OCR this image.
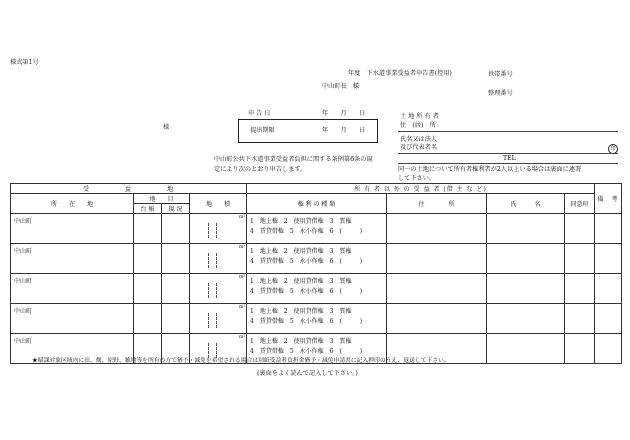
様式第1号
年度　下水道事業受益者申告書(控用)	世帯番号
整理番号
中山町長　様
様
申 告 日	年　　月　　日
提出期限	年　　月　　日
土 地 所 有 者
住　(居)　所
氏名又は法人
及び代表者名	印
TEL
中山町公共下水道事業受益者負担に関する条例第6条の規
定により次のとおり申告します。	同一の土地について所有者権利者が2人以上いる場合は裏面に連署
して下さい。
受　　　　　益　　　　　地				所 有 者 以 外 の 受 益 者 (借 主 な ど)				備　考
所　　在　　地	地　　目		地　　積	権 利 の 種 類	住　　　　所	氏　　　名	同意印	
	台 帳	現 況						
中山町			m²	1　地上権　2　使用貸借権　3　質権
4　賃貸借権　5　永小作権　6　(　　　)				
中山町			m²	1　地上権　2　使用貸借権　3　質権
4　賃貸借権　5　永小作権　6　(　　　)				
中山町			m²	1　地上権　2　使用貸借権　3　質権
4　賃貸借権　5　永小作権　6　(　　　)				
中山町			m²	1　地上権　2　使用貸借権　3　質権
4　賃貸借権　5　永小作権　6　(　　　)				
中山町			m²	1　地上権　2　使用貸借権　3　質権
4　賃貸借権　5　永小作権　6　(　　　)				
★賦課対象区域内に田、畑、原野、雑地等を所有の方で猶予・減免を希望される場合は別紙受益者負担金猶予・減免申請書に記入押印のうえ、返送して下さい。
(裏面をよく読んで記入して下さい。)
